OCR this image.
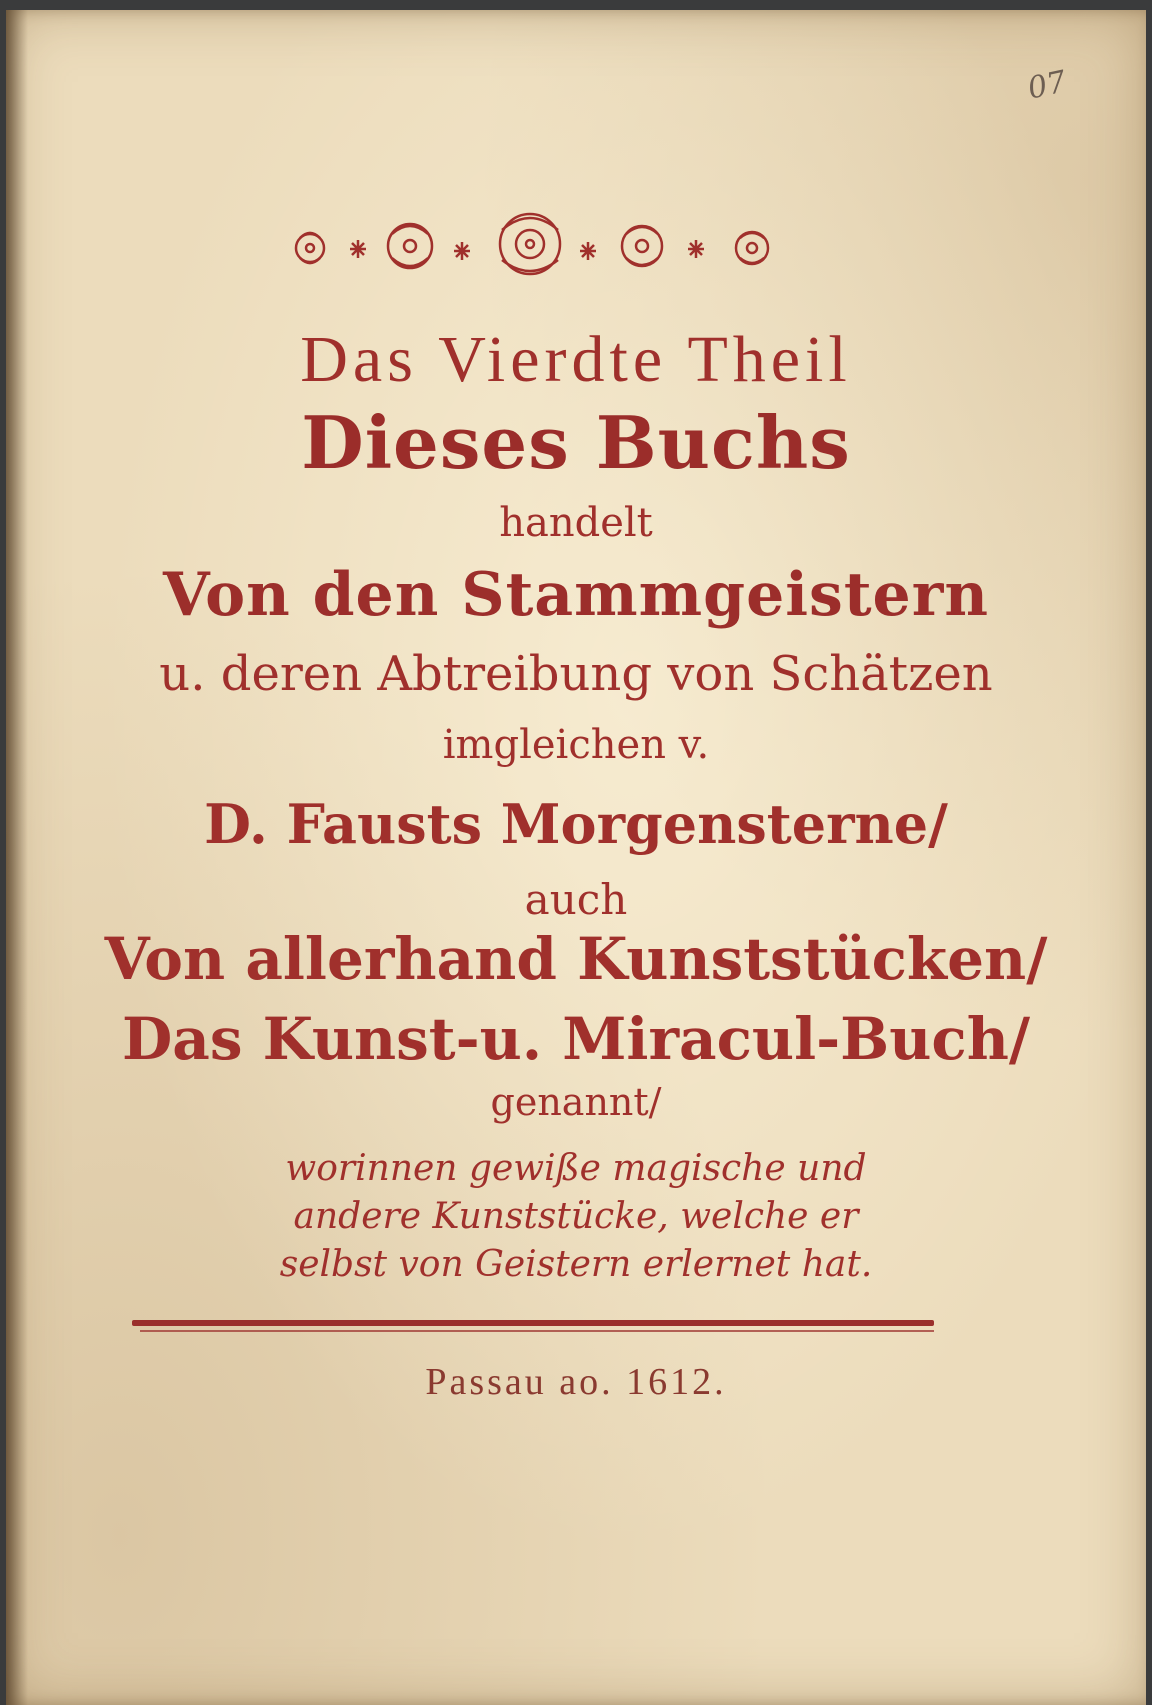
07
Das Vierdte Theil
Dieses Buchs
handelt
Von den Stammgeistern
u. deren Abtreibung von Schätzen
imgleichen v.
D. Fausts Morgensterne/
auch
Von allerhand Kunststücken/
Das Kunst-u. Miracul-Buch/
genannt/
worinnen gewiße magische und
andere Kunststücke, welche er
selbst von Geistern erlernet hat.
Passau ao. 1612.
